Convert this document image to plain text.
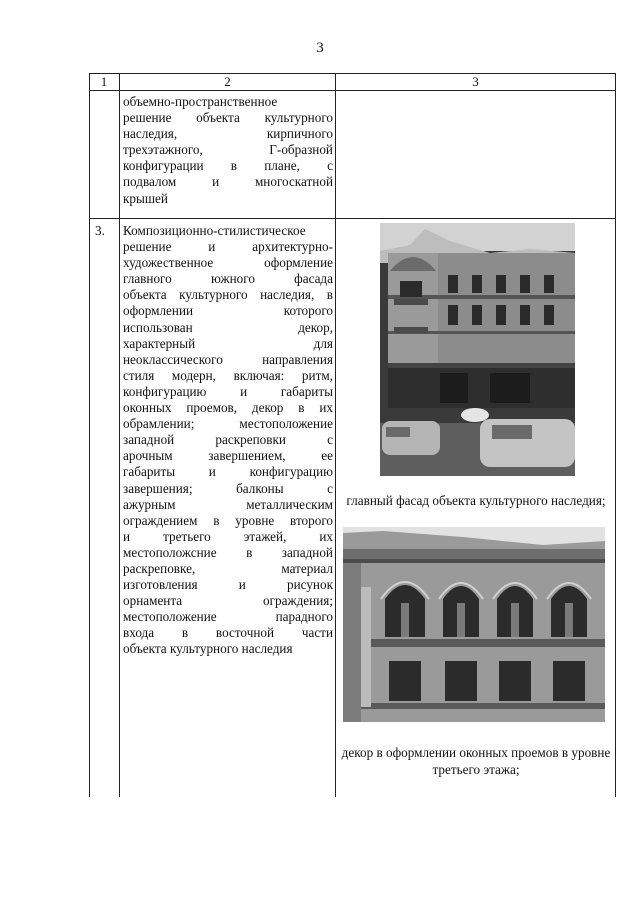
3
1	2	3
объемно-пространственное
решение объекта культурного
наследия, кирпичного
трехэтажного, Г-образной
конфигурации в плане, с
подвалом и многоскатной
крышей
3. Композиционно-стилистическое
решение и архитектурно-
художественное оформление
главного южного фасада
объекта культурного наследия, в
оформлении которого
использован декор,
характерный для
неоклассического направления
стиля модерн, включая: ритм,
конфигурацию и габариты
оконных проемов, декор в их
обрамлении; местоположение
западной раскреповки с
арочным завершением, ее
габариты и конфигурацию
завершения; балконы с
ажурным металлическим
ограждением в уровне второго
и третьего этажей, их
местоположсние в западной
раскреповке, материал
изготовления и рисунок
орнамента ограждения;
местоположение парадного
входа в восточной части
объекта культурного наследия
главный фасад объекта культурного наследия;
декор в оформлении оконных проемов в уровне третьего этажа;
